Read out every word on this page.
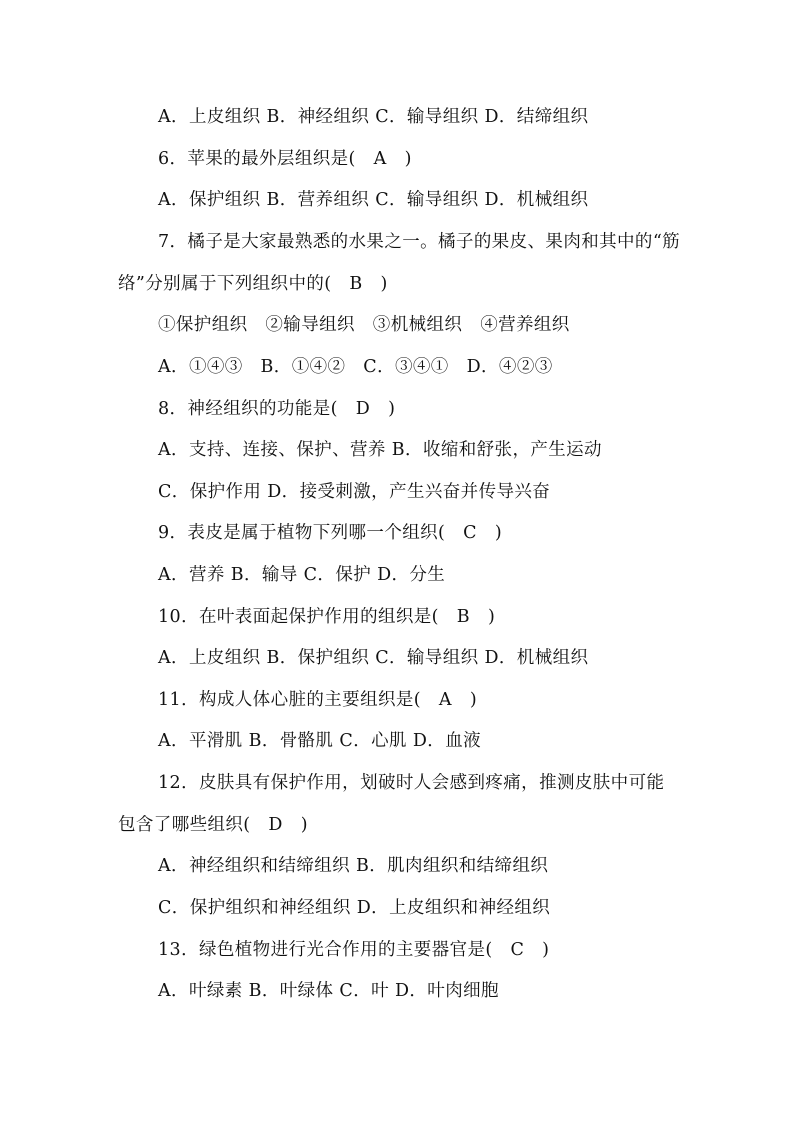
A．上皮组织 B．神经组织 C．输导组织 D．结缔组织
6．苹果的最外层组织是(　A　)
A．保护组织 B．营养组织 C．输导组织 D．机械组织
7．橘子是大家最熟悉的水果之一。橘子的果皮、果肉和其中的“筋
络”分别属于下列组织中的(　B　)
①保护组织　②输导组织　③机械组织　④营养组织
A．①④③　B．①④②　C．③④①　D．④②③
8．神经组织的功能是(　D　)
A．支持、连接、保护、营养 B．收缩和舒张，产生运动
C．保护作用 D．接受刺激，产生兴奋并传导兴奋
9．表皮是属于植物下列哪一个组织(　C　)
A．营养 B．输导 C．保护 D．分生
10．在叶表面起保护作用的组织是(　B　)
A．上皮组织 B．保护组织 C．输导组织 D．机械组织
11．构成人体心脏的主要组织是(　A　)
A．平滑肌 B．骨骼肌 C．心肌 D．血液
12．皮肤具有保护作用，划破时人会感到疼痛，推测皮肤中可能
包含了哪些组织(　D　)
A．神经组织和结缔组织 B．肌肉组织和结缔组织
C．保护组织和神经组织 D．上皮组织和神经组织
13．绿色植物进行光合作用的主要器官是(　C　)
A．叶绿素 B．叶绿体 C．叶 D．叶肉细胞
